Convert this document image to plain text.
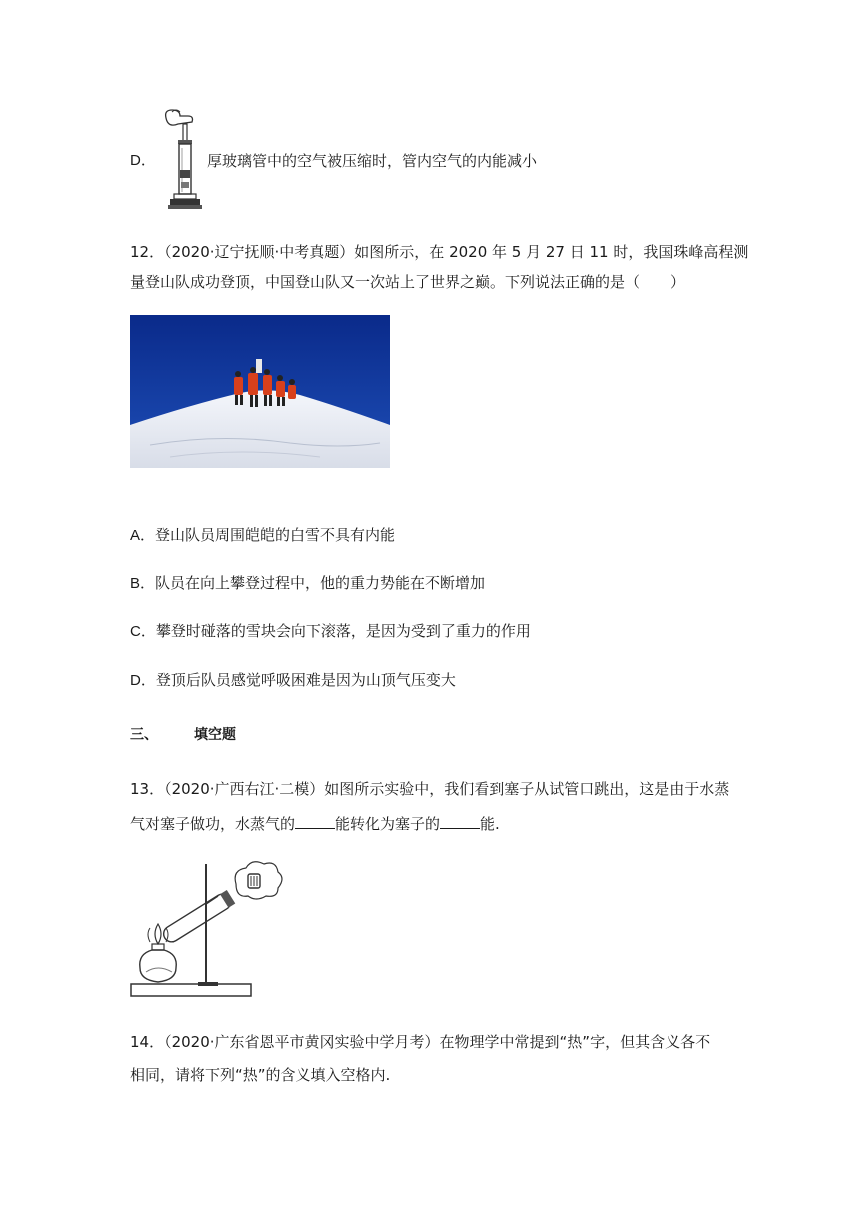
D．	厚玻璃管中的空气被压缩时，管内空气的内能减小
12．（2020·辽宁抚顺·中考真题）如图所示，在 2020 年 5 月 27 日 11 时，我国珠峰高程测
量登山队成功登顶，中国登山队又一次站上了世界之巅。下列说法正确的是（　　）
A．登山队员周围皑皑的白雪不具有内能
B．队员在向上攀登过程中，他的重力势能在不断增加
C．攀登时碰落的雪块会向下滚落，是因为受到了重力的作用
D．登顶后队员感觉呼吸困难是因为山顶气压变大
三、	填空题
13．（2020·广西右江·二模）如图所示实验中，我们看到塞子从试管口跳出，这是由于水蒸
气对塞子做功，水蒸气的	能转化为塞子的	能.
14．（2020·广东省恩平市黄冈实验中学月考）在物理学中常提到“热”字，但其含义各不
相同，请将下列“热”的含义填入空格内.
